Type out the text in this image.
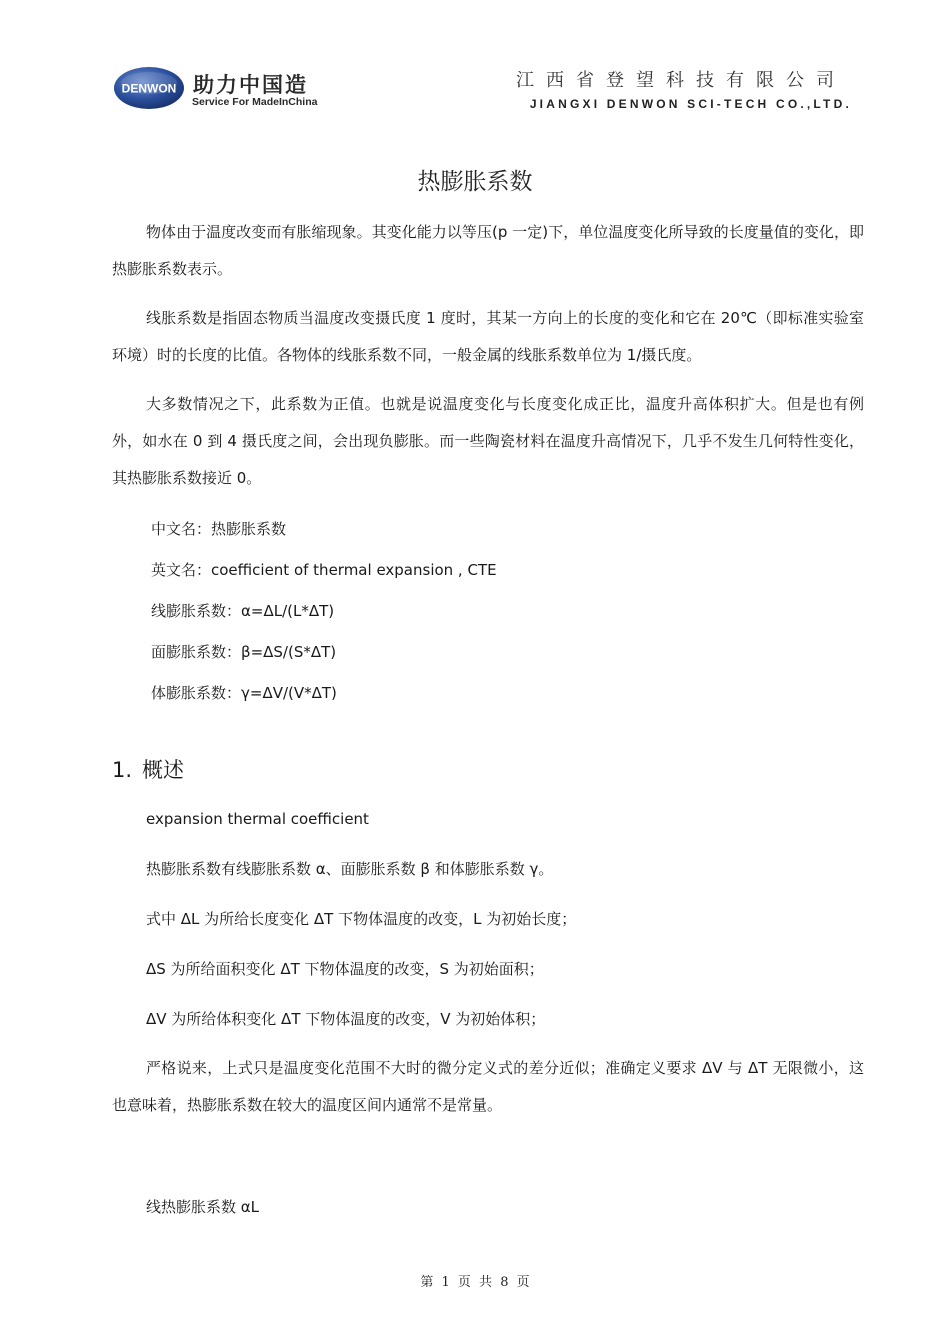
DENWON 助力中国造
Service For MadeInChina
江西省登望科技有限公司
JIANGXI DENWON SCI-TECH CO.,LTD.
热膨胀系数

物体由于温度改变而有胀缩现象。其变化能力以等压(p 一定)下，单位温度变化所导致的长度量值的变化，即热膨胀系数表示。

线胀系数是指固态物质当温度改变摄氏度 1 度时，其某一方向上的长度的变化和它在 20℃（即标准实验室环境）时的长度的比值。各物体的线胀系数不同，一般金属的线胀系数单位为 1/摄氏度。

大多数情况之下，此系数为正值。也就是说温度变化与长度变化成正比，温度升高体积扩大。但是也有例外，如水在 0 到 4 摄氏度之间，会出现负膨胀。而一些陶瓷材料在温度升高情况下，几乎不发生几何特性变化，其热膨胀系数接近 0。

中文名：热膨胀系数
英文名：coefficient of thermal expansion , CTE
线膨胀系数：α=ΔL/(L*ΔT)
面膨胀系数：β=ΔS/(S*ΔT)
体膨胀系数：γ=ΔV/(V*ΔT)
1. 概述

expansion thermal coefficient

热膨胀系数有线膨胀系数 α、面膨胀系数 β 和体膨胀系数 γ。

式中 ΔL 为所给长度变化 ΔT 下物体温度的改变，L 为初始长度；

ΔS 为所给面积变化 ΔT 下物体温度的改变，S 为初始面积；

ΔV 为所给体积变化 ΔT 下物体温度的改变，V 为初始体积；

严格说来，上式只是温度变化范围不大时的微分定义式的差分近似；准确定义要求 ΔV 与 ΔT 无限微小，这也意味着，热膨胀系数在较大的温度区间内通常不是常量。

线热膨胀系数 αL
第 1 页 共 8 页
